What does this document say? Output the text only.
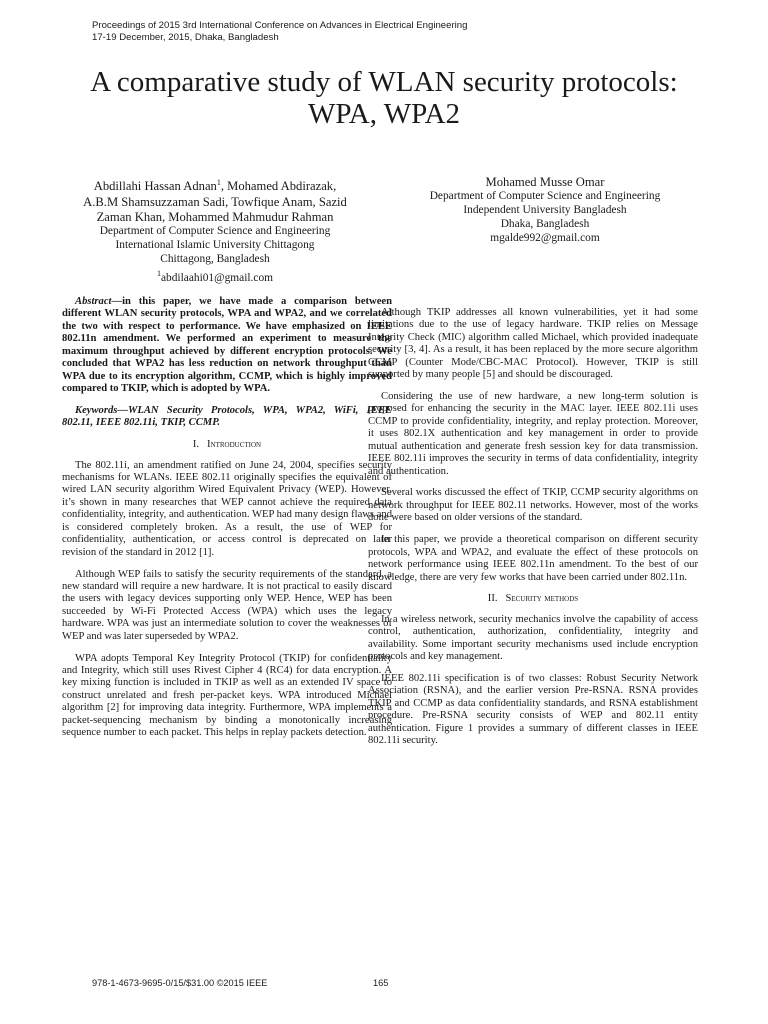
Proceedings of 2015 3rd International Conference on Advances in Electrical Engineering
17-19 December, 2015, Dhaka, Bangladesh
A comparative study of WLAN security protocols:
WPA, WPA2
Abdillahi Hassan Adnan$^1$, Mohamed Abdirazak,
A.B.M Shamsuzzaman Sadi, Towfique Anam, Sazid
Zaman Khan, Mohammed Mahmudur Rahman
Department of Computer Science and Engineering
International Islamic University Chittagong
Chittagong, Bangladesh
$^1$abdilaahi01@gmail.com
Mohamed Musse Omar
Department of Computer Science and Engineering
Independent University Bangladesh
Dhaka, Bangladesh
mgalde992@gmail.com

Abstract—in this paper, we have made a comparison between different WLAN security protocols, WPA and WPA2, and we correlated the two with respect to performance. We have emphasized on IEEE 802.11n amendment. We performed an experiment to measure the maximum throughput achieved by different encryption protocols. We concluded that WPA2 has less reduction on network throughput than WPA due to its encryption algorithm, CCMP, which is highly improved compared to TKIP, which is adopted by WPA.

Keywords—WLAN Security Protocols, WPA, WPA2, WiFi, IEEE 802.11, IEEE 802.11i, TKIP, CCMP.

I. Introduction

The 802.11i, an amendment ratified on June 24, 2004, specifies security mechanisms for WLANs. IEEE 802.11 originally specifies the equivalent of wired LAN security algorithm Wired Equivalent Privacy (WEP). However, it’s shown in many researches that WEP cannot achieve the required data confidentiality, integrity, and authentication. WEP had many design flaws and is considered completely broken. As a result, the use of WEP for confidentiality, authentication, or access control is deprecated on later revision of the standard in 2012 [1].

Although WEP fails to satisfy the security requirements of the standard, a new standard will require a new hardware. It is not practical to easily discard the users with legacy devices supporting only WEP. Hence, WEP has been succeeded by Wi-Fi Protected Access (WPA) which uses the legacy hardware. WPA was just an intermediate solution to cover the weaknesses of WEP and was later superseded by WPA2.

WPA adopts Temporal Key Integrity Protocol (TKIP) for confidentiality and Integrity, which still uses Rivest Cipher 4 (RC4) for data encryption. A key mixing function is included in TKIP as well as an extended IV space to construct unrelated and fresh per-packet keys. WPA introduced Michael algorithm [2] for improving data integrity. Furthermore, WPA implements a packet-sequencing mechanism by binding a monotonically increasing sequence number to each packet. This helps in replay packets detection.

Although TKIP addresses all known vulnerabilities, yet it had some limitations due to the use of legacy hardware. TKIP relies on Message Integrity Check (MIC) algorithm called Michael, which provided inadequate security [3, 4]. As a result, it has been replaced by the more secure algorithm CCMP (Counter Mode/CBC-MAC Protocol). However, TKIP is still supported by many people [5] and should be discouraged.

Considering the use of new hardware, a new long-term solution is proposed for enhancing the security in the MAC layer. IEEE 802.11i uses CCMP to provide confidentiality, integrity, and replay protection. Moreover, it uses 802.1X authentication and key management in order to provide mutual authentication and generate fresh session key for data transmission. IEEE 802.11i improves the security in terms of data confidentiality, integrity and authentication.

Several works discussed the effect of TKIP, CCMP security algorithms on network throughput for IEEE 802.11 networks. However, most of the works done were based on older versions of the standard.

In this paper, we provide a theoretical comparison on different security protocols, WPA and WPA2, and evaluate the effect of these protocols on network performance using IEEE 802.11n amendment. To the best of our knowledge, there are very few works that have been carried under 802.11n.

II. Security methods

In a wireless network, security mechanics involve the capability of access control, authentication, authorization, confidentiality, integrity and availability. Some important security mechanisms used include encryption protocols and key management.

IEEE 802.11i specification is of two classes: Robust Security Network Association (RSNA), and the earlier version Pre-RSNA. RSNA provides TKIP and CCMP as data confidentiality standards, and RSNA establishment procedure. Pre-RSNA security consists of WEP and 802.11 entity authentication. Figure 1 provides a summary of different classes in IEEE 802.11i security.

978-1-4673-9695-0/15/$31.00 ©2015 IEEE	165
